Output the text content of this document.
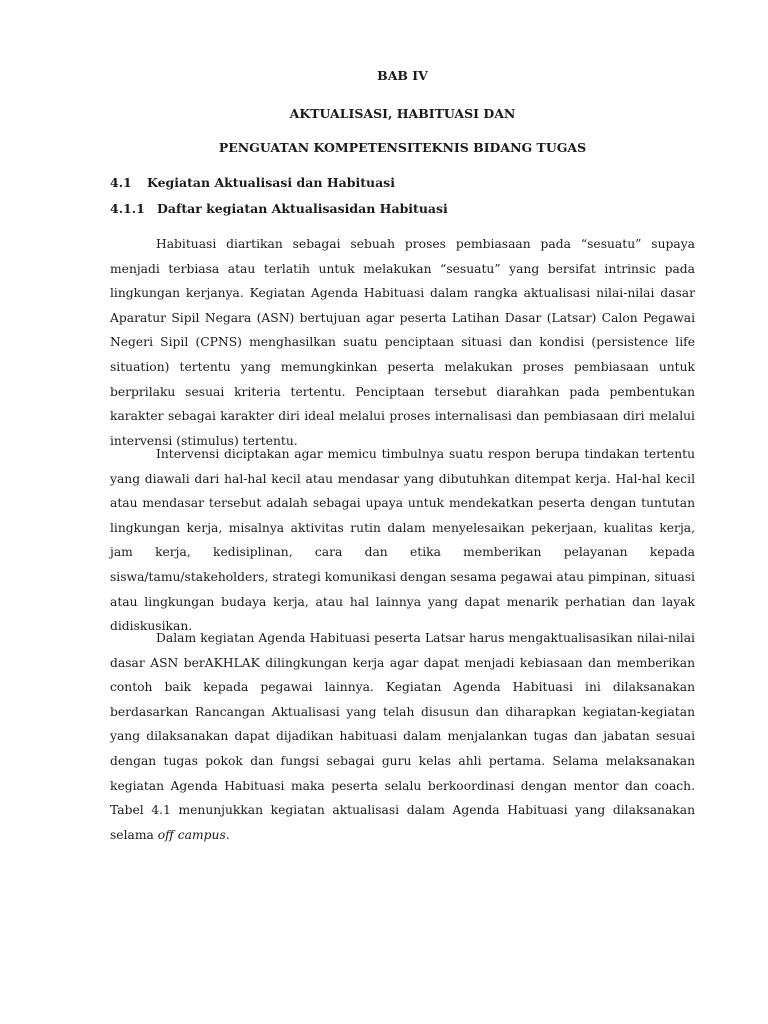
BAB IV

AKTUALISASI, HABITUASI DAN

PENGUATAN KOMPETENSITEKNIS BIDANG TUGAS

4.1 Kegiatan Aktualisasi dan Habituasi

4.1.1 Daftar kegiatan Aktualisasidan Habituasi

Habituasi diartikan sebagai sebuah proses pembiasaan pada “sesuatu” supaya menjadi terbiasa atau terlatih untuk melakukan “sesuatu” yang bersifat intrinsic pada lingkungan kerjanya. Kegiatan Agenda Habituasi dalam rangka aktualisasi nilai-nilai dasar Aparatur Sipil Negara (ASN) bertujuan agar peserta Latihan Dasar (Latsar) Calon Pegawai Negeri Sipil (CPNS) menghasilkan suatu penciptaan situasi dan kondisi (persistence life situation) tertentu yang memungkinkan peserta melakukan proses pembiasaan untuk berprilaku sesuai kriteria tertentu. Penciptaan tersebut diarahkan pada pembentukan karakter sebagai karakter diri ideal melalui proses internalisasi dan pembiasaan diri melalui intervensi (stimulus) tertentu.

Intervensi diciptakan agar memicu timbulnya suatu respon berupa tindakan tertentu yang diawali dari hal-hal kecil atau mendasar yang dibutuhkan ditempat kerja. Hal-hal kecil atau mendasar tersebut adalah sebagai upaya untuk mendekatkan peserta dengan tuntutan lingkungan kerja, misalnya aktivitas rutin dalam menyelesaikan pekerjaan, kualitas kerja, jam kerja, kedisiplinan, cara dan etika memberikan pelayanan kepada siswa/tamu/stakeholders, strategi komunikasi dengan sesama pegawai atau pimpinan, situasi atau lingkungan budaya kerja, atau hal lainnya yang dapat menarik perhatian dan layak didiskusikan.

Dalam kegiatan Agenda Habituasi peserta Latsar harus mengaktualisasikan nilai-nilai dasar ASN berAKHLAK dilingkungan kerja agar dapat menjadi kebiasaan dan memberikan contoh baik kepada pegawai lainnya. Kegiatan Agenda Habituasi ini dilaksanakan berdasarkan Rancangan Aktualisasi yang telah disusun dan diharapkan kegiatan-kegiatan yang dilaksanakan dapat dijadikan habituasi dalam menjalankan tugas dan jabatan sesuai dengan tugas pokok dan fungsi sebagai guru kelas ahli pertama. Selama melaksanakan kegiatan Agenda Habituasi maka peserta selalu berkoordinasi dengan mentor dan coach. Tabel 4.1 menunjukkan kegiatan aktualisasi dalam Agenda Habituasi yang dilaksanakan selama off campus.
